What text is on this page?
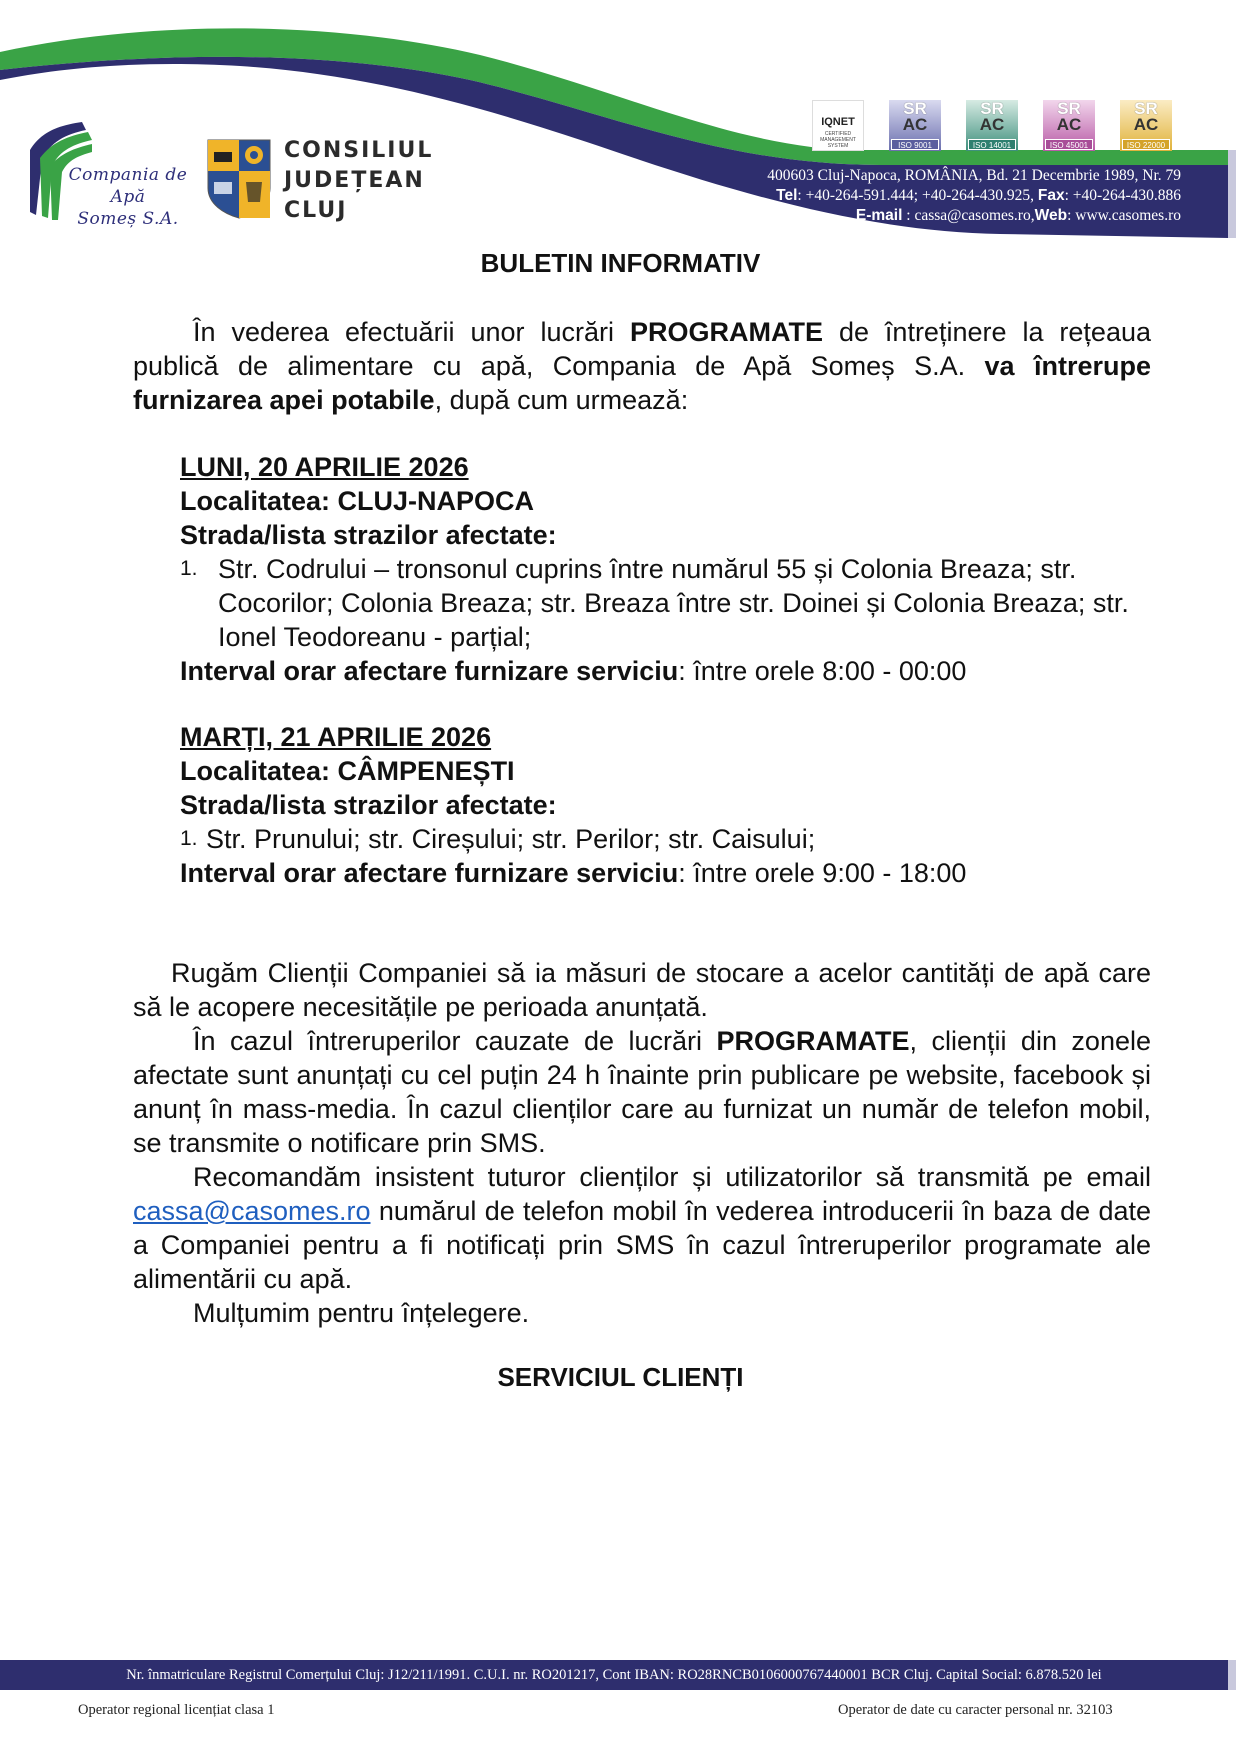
Compania de Apă
Someș S.A.
CONSILIUL
JUDEȚEAN
CLUJ
IQNET
CERTIFIED MANAGEMENT SYSTEM
SR
AC
ISO 9001
SR
AC
ISO 14001
SR
AC
ISO 45001
SR
AC
ISO 22000
400603 Cluj-Napoca, ROMÂNIA, Bd. 21 Decembrie 1989, Nr. 79
Tel: +40-264-591.444; +40-264-430.925, Fax: +40-264-430.886
E-mail : cassa@casomes.ro,Web: www.casomes.ro
BULETIN INFORMATIV
În vederea efectuării unor lucrări PROGRAMATE de întreținere la rețeaua publică de alimentare cu apă, Compania de Apă Someș S.A. va întrerupe furnizarea apei potabile, după cum urmează:
LUNI, 20 APRILIE 2026
Localitatea: CLUJ-NAPOCA
Strada/lista strazilor afectate:
1. Str. Codrului – tronsonul cuprins între numărul 55 și Colonia Breaza; str. Cocorilor; Colonia Breaza; str. Breaza între str. Doinei și Colonia Breaza; str. Ionel Teodoreanu - parțial;
Interval orar afectare furnizare serviciu: între orele 8:00 - 00:00
MARȚI, 21 APRILIE 2026
Localitatea: CÂMPENEȘTI
Strada/lista strazilor afectate:
1. Str. Prunului; str. Cireșului; str. Perilor; str. Caisului;
Interval orar afectare furnizare serviciu: între orele 9:00 - 18:00
Rugăm Clienții Companiei să ia măsuri de stocare a acelor cantități de apă care să le acopere necesitățile pe perioada anunțată.
În cazul întreruperilor cauzate de lucrări PROGRAMATE, clienții din zonele afectate sunt anunțați cu cel puțin 24 h înainte prin publicare pe website, facebook și anunț în mass-media. În cazul clienților care au furnizat un număr de telefon mobil, se transmite o notificare prin SMS.
Recomandăm insistent tuturor clienților și utilizatorilor să transmită pe email cassa@casomes.ro numărul de telefon mobil în vederea introducerii în baza de date a Companiei pentru a fi notificați prin SMS în cazul întreruperilor programate ale alimentării cu apă.
Mulțumim pentru înțelegere.
SERVICIUL CLIENȚI
Nr. înmatriculare Registrul Comerțului Cluj: J12/211/1991. C.U.I. nr. RO201217, Cont IBAN: RO28RNCB0106000767440001 BCR Cluj. Capital Social: 6.878.520 lei
Operator regional licențiat clasa 1	Operator de date cu caracter personal nr. 32103
